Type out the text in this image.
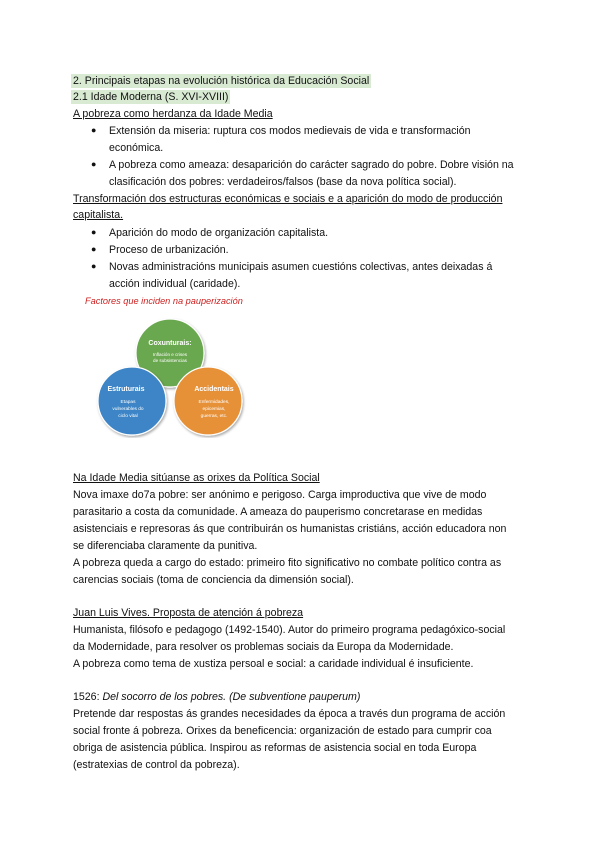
2. Principais etapas na evolución histórica da Educación Social
2.1 Idade Moderna (S. XVI-XVIII)
A pobreza como herdanza da Idade Media
● Extensión da miseria: ruptura cos modos medievais de vida e transformación
económica.
● A pobreza como ameaza: desaparición do carácter sagrado do pobre. Dobre visión na
clasificación dos pobres: verdadeiros/falsos (base da nova política social).
Transformación dos estructuras económicas e sociais e a aparición do modo de producción
capitalista.
● Aparición do modo de organización capitalista.
● Proceso de urbanización.
● Novas administracións municipais asumen cuestións colectivas, antes deixadas á
acción individual (caridade).
Factores que inciden na pauperización
Coxunturais:
Inflación e crises
de subsistencias
Estruturais
Etapas
vulnerables do
ciclo vital
Accidentais
Enfermidades,
epicemias,
guerras, etc.
Na Idade Media sitúanse as orixes da Política Social
Nova imaxe do7a pobre: ser anónimo e perigoso. Carga improductiva que vive de modo
parasitario a costa da comunidade. A ameaza do pauperismo concretarase en medidas
asistenciais e represoras ás que contribuirán os humanistas cristiáns, acción educadora non
se diferenciaba claramente da punitiva.
A pobreza queda a cargo do estado: primeiro fito significativo no combate político contra as
carencias sociais (toma de conciencia da dimensión social).
Juan Luis Vives. Proposta de atención á pobreza
Humanista, filósofo e pedagogo (1492-1540). Autor do primeiro programa pedagóxico-social
da Modernidade, para resolver os problemas sociais da Europa da Modernidade.
A pobreza como tema de xustiza persoal e social: a caridade individual é insuficiente.
1526: Del socorro de los pobres. (De subventione pauperum)
Pretende dar respostas ás grandes necesidades da época a través dun programa de acción
social fronte á pobreza. Orixes da beneficencia: organización de estado para cumprir coa
obriga de asistencia pública. Inspirou as reformas de asistencia social en toda Europa
(estratexias de control da pobreza).
